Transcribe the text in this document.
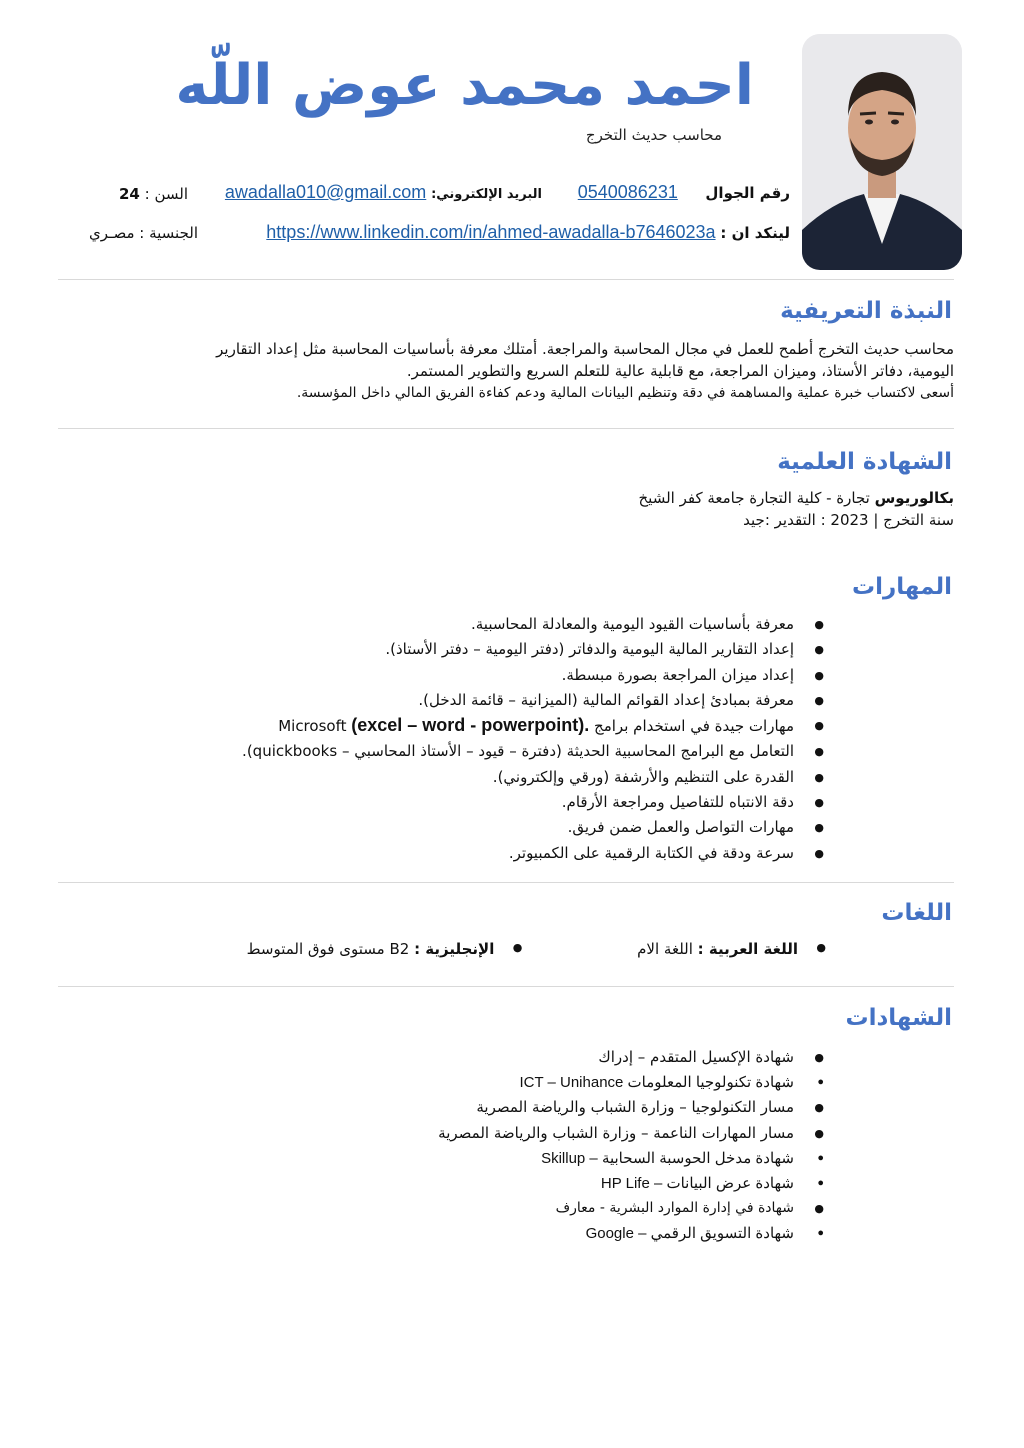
احمد محمد عوض اللّه
محاسب حديث التخرج
رقم الجوال  0540086231
البريد الإلكتروني: awadalla010@gmail.com
السن : 24
لينكد ان : https://www.linkedin.com/in/ahmed-awadalla-b7646023a
الجنسية : مصـري
النبذة التعريفية

محاسب حديث التخرج أطمح للعمل في مجال المحاسبة والمراجعة. أمتلك معرفة بأساسيات المحاسبة مثل إعداد التقارير

اليومية، دفاتر الأستاذ، وميزان المراجعة، مع قابلية عالية للتعلم السريع والتطوير المستمر.

أسعى لاكتساب خبرة عملية والمساهمة في دقة وتنظيم البيانات المالية ودعم كفاءة الفريق المالي داخل المؤسسة.

الشهادة العلمية

بكالوريوس تجارة - كلية التجارة جامعة كفر الشيخ

سنة التخرج | 2023 : التقدير :جيد

المهارات
● معرفة بأساسيات القيود اليومية والمعادلة المحاسبية.
● إعداد التقارير المالية اليومية والدفاتر (دفتر اليومية – دفتر الأستاذ).
● إعداد ميزان المراجعة بصورة مبسطة.
● معرفة بمبادئ إعداد القوائم المالية (الميزانية – قائمة الدخل).
● مهارات جيدة في استخدام برامج Microsoft (excel – word - powerpoint).
● التعامل مع البرامج المحاسبية الحديثة (دفترة – قيود – الأستاذ المحاسبي – quickbooks).
● القدرة على التنظيم والأرشفة (ورقي وإلكتروني).
● دقة الانتباه للتفاصيل ومراجعة الأرقام.
● مهارات التواصل والعمل ضمن فريق.
● سرعة ودقة في الكتابة الرقمية على الكمبيوتر.
اللغات
● اللغة العربية : اللغة الام ● الإنجليزية : B2 مستوى فوق المتوسط
الشهادات
● شهادة الإكسيل المتقدم – إدراك
● شهادة تكنولوجيا المعلومات ICT – Unihance
● مسار التكنولوجيا – وزارة الشباب والرياضة المصرية
● مسار المهارات الناعمة – وزارة الشباب والرياضة المصرية
● شهادة مدخل الحوسبة السحابية – Skillup
● شهادة عرض البيانات – HP Life
● شهادة في إدارة الموارد البشرية - معارف
● شهادة التسويق الرقمي – Google
